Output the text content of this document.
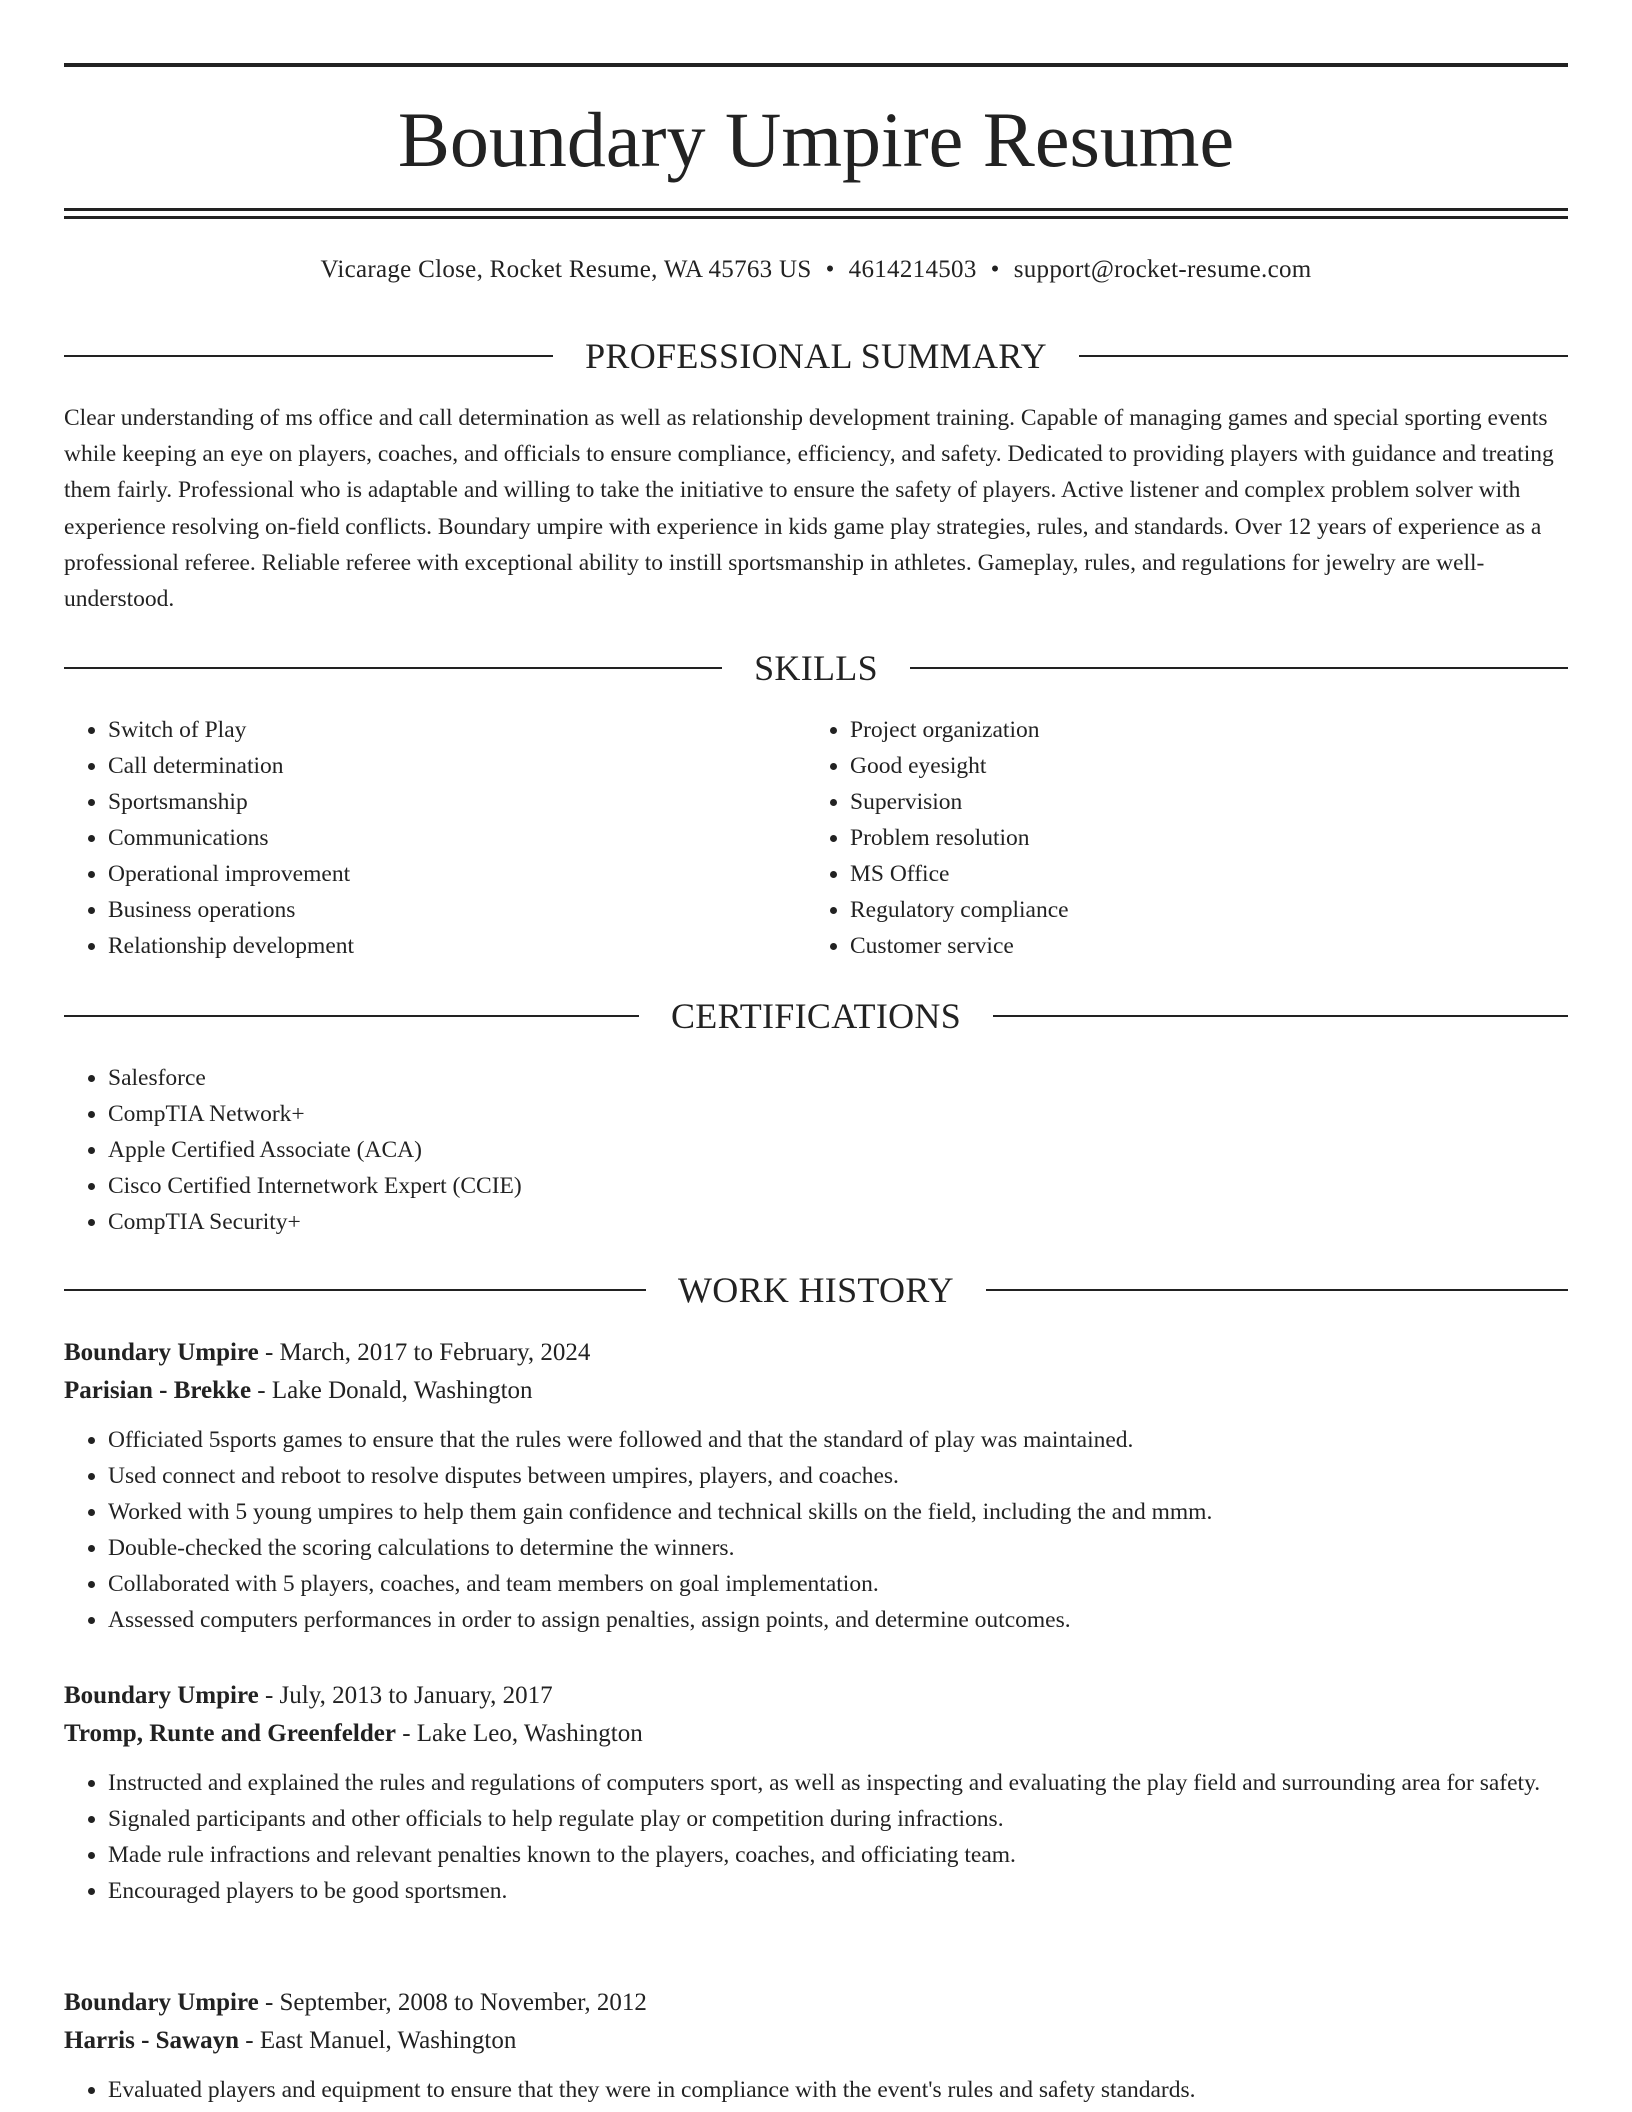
Boundary Umpire Resume
Vicarage Close, Rocket Resume, WA 45763 US • 4614214503 • support@rocket-resume.com
PROFESSIONAL SUMMARY

Clear understanding of ms office and call determination as well as relationship development training. Capable of managing games and special sporting events while keeping an eye on players, coaches, and officials to ensure compliance, efficiency, and safety. Dedicated to providing players with guidance and treating them fairly. Professional who is adaptable and willing to take the initiative to ensure the safety of players. Active listener and complex problem solver with experience resolving on-field conflicts. Boundary umpire with experience in kids game play strategies, rules, and standards. Over 12 years of experience as a professional referee. Reliable referee with exceptional ability to instill sportsmanship in athletes. Gameplay, rules, and regulations for jewelry are well-understood.

SKILLS
• Switch of Play
• Call determination
• Sportsmanship
• Communications
• Operational improvement
• Business operations
• Relationship development
• Project organization
• Good eyesight
• Supervision
• Problem resolution
• MS Office
• Regulatory compliance
• Customer service
CERTIFICATIONS
• Salesforce
• CompTIA Network+
• Apple Certified Associate (ACA)
• Cisco Certified Internetwork Expert (CCIE)
• CompTIA Security+
WORK HISTORY
Boundary Umpire - March, 2017 to February, 2024
Parisian - Brekke - Lake Donald, Washington
• Officiated 5sports games to ensure that the rules were followed and that the standard of play was maintained.
• Used connect and reboot to resolve disputes between umpires, players, and coaches.
• Worked with 5 young umpires to help them gain confidence and technical skills on the field, including the and mmm.
• Double-checked the scoring calculations to determine the winners.
• Collaborated with 5 players, coaches, and team members on goal implementation.
• Assessed computers performances in order to assign penalties, assign points, and determine outcomes.
Boundary Umpire - July, 2013 to January, 2017
Tromp, Runte and Greenfelder - Lake Leo, Washington
• Instructed and explained the rules and regulations of computers sport, as well as inspecting and evaluating the play field and surrounding area for safety.
• Signaled participants and other officials to help regulate play or competition during infractions.
• Made rule infractions and relevant penalties known to the players, coaches, and officiating team.
• Encouraged players to be good sportsmen.
Boundary Umpire - September, 2008 to November, 2012
Harris - Sawayn - East Manuel, Washington
• Evaluated players and equipment to ensure that they were in compliance with the event's rules and safety standards.
